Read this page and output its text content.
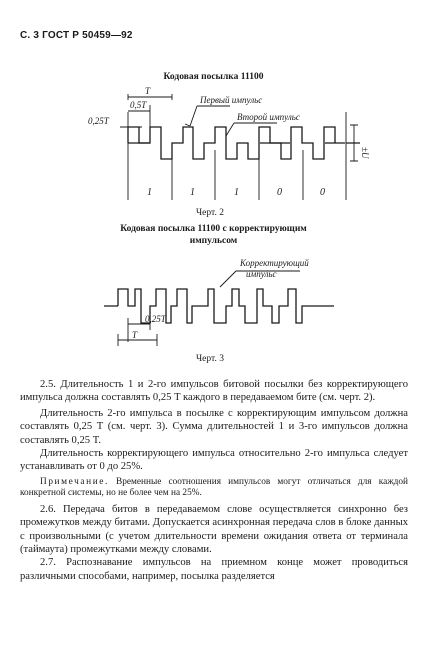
С. 3 ГОСТ Р 50459—92
Кодовая посылка 11100
T
0,5T
0,25T
Первый импульс
Второй импульс
±U
1	1	1	0	0
Черт. 2
Кодовая посылка 11100 с корректирующим
импульсом
Корректирующий
импульс
0,25T
T
Черт. 3

2.5. Длительность 1 и 2-го импульсов битовой посылки без корректирующего импульса должна составлять 0,25 T каждого в передаваемом бите (см. черт. 2).

Длительность 2-го импульса в посылке с корректирующим импульсом должна составлять 0,25 T (см. черт. 3). Сумма длительностей 1 и 3-го импульсов должна составлять 0,25 T.

Длительность корректирующего импульса относительно 2-го импульса следует устанавливать от 0 до 25%.

Примечание. Временные соотношения импульсов могут отличаться для каждой конкретной системы, но не более чем на 25%.

2.6. Передача битов в передаваемом слове осуществляется синхронно без промежутков между битами. Допускается асинхронная передача слов в блоке данных с произвольными (с учетом длительности времени ожидания ответа от терминала (таймаута) промежутками между словами.

2.7. Распознавание импульсов на приемном конце может проводиться различными способами, например, посылка разделяется
